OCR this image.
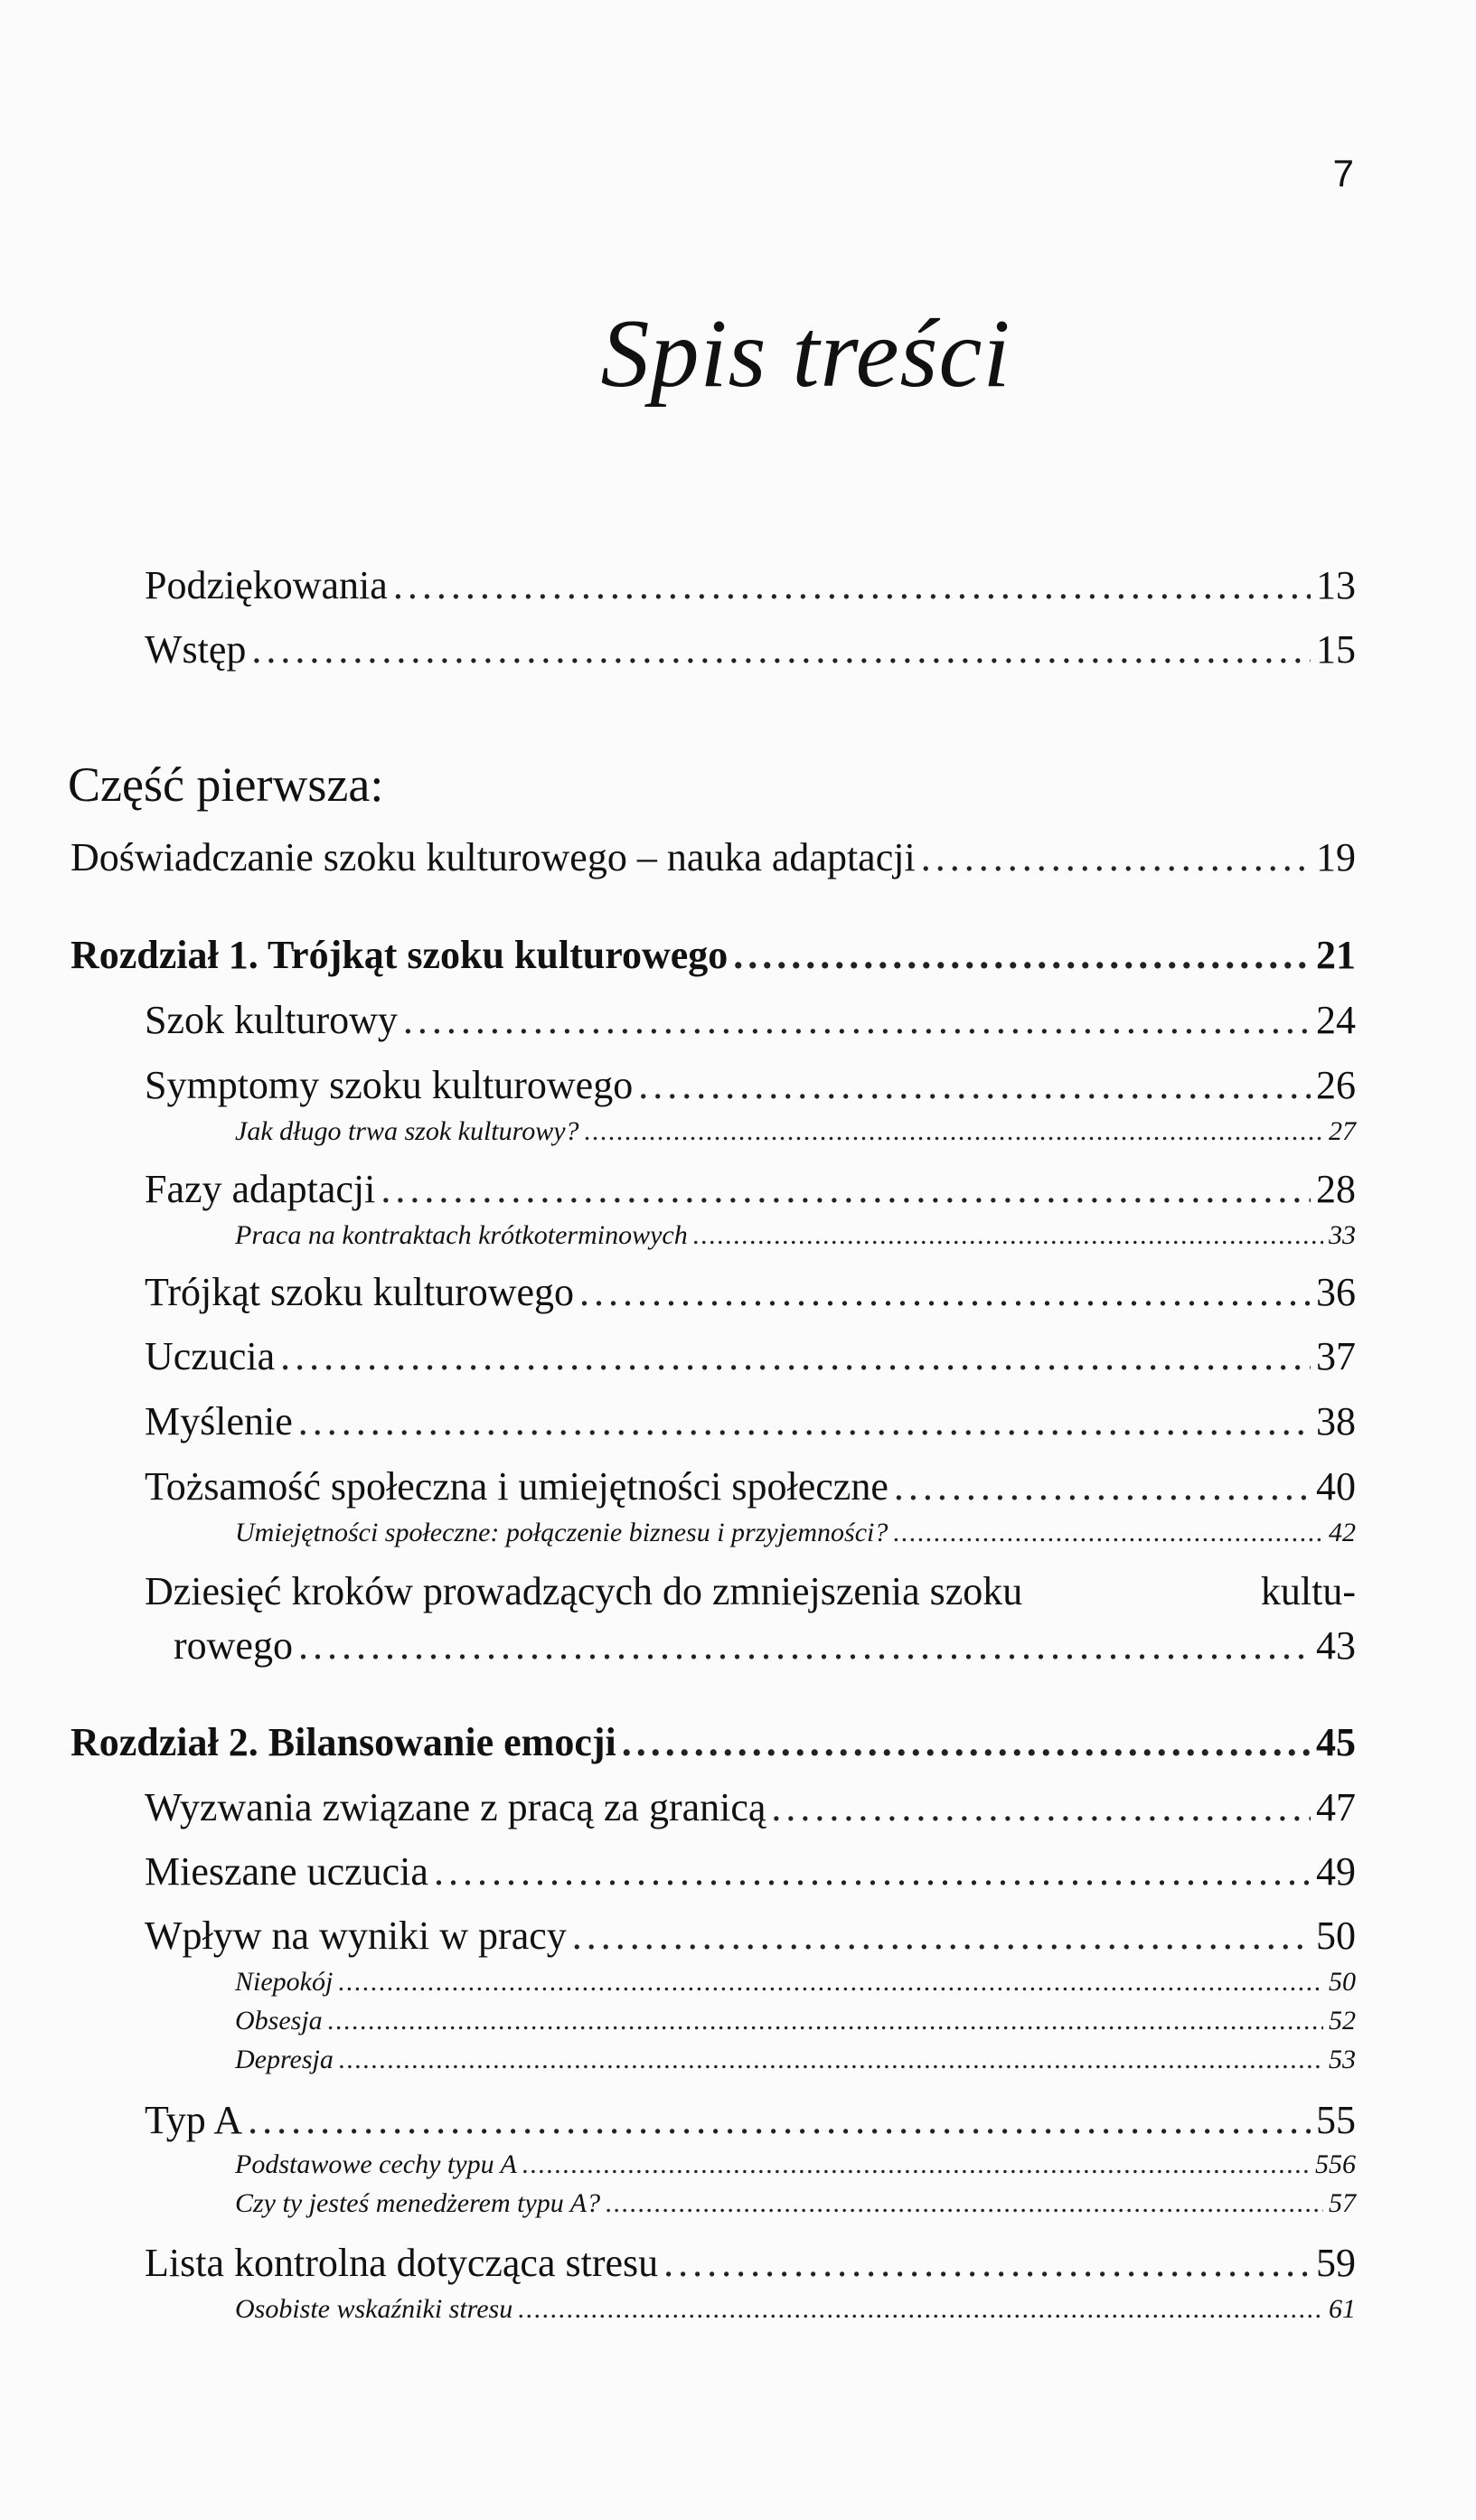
7
Spis treści
Podziękowania . . .	13
Wstęp . . .	15
Część pierwsza:
Doświadczanie szoku kulturowego – nauka adaptacji . . .	19
Rozdział 1. Trójkąt szoku kulturowego . . .	21
Szok kulturowy . . .	24
Symptomy szoku kulturowego . . .	26
Jak długo trwa szok kulturowy? . . .	27
Fazy adaptacji . . .	28
Praca na kontraktach krótkoterminowych . . .	33
Trójkąt szoku kulturowego . . .	36
Uczucia . . .	37
Myślenie . . .	38
Tożsamość społeczna i umiejętności społeczne . . .	40
Umiejętności społeczne: połączenie biznesu i przyjemności? . . .	42
Dziesięć kroków prowadzących do zmniejszenia szoku	kultu-
rowego . . .	43
Rozdział 2. Bilansowanie emocji . . .	45
Wyzwania związane z pracą za granicą . . .	47
Mieszane uczucia . . .	49
Wpływ na wyniki w pracy . . .	50
Niepokój . . .	50
Obsesja . . .	52
Depresja . . .	53
Typ A . . .	55
Podstawowe cechy typu A . . .	556
Czy ty jesteś menedżerem typu A? . . .	57
Lista kontrolna dotycząca stresu . . .	59
Osobiste wskaźniki stresu . . .	61
